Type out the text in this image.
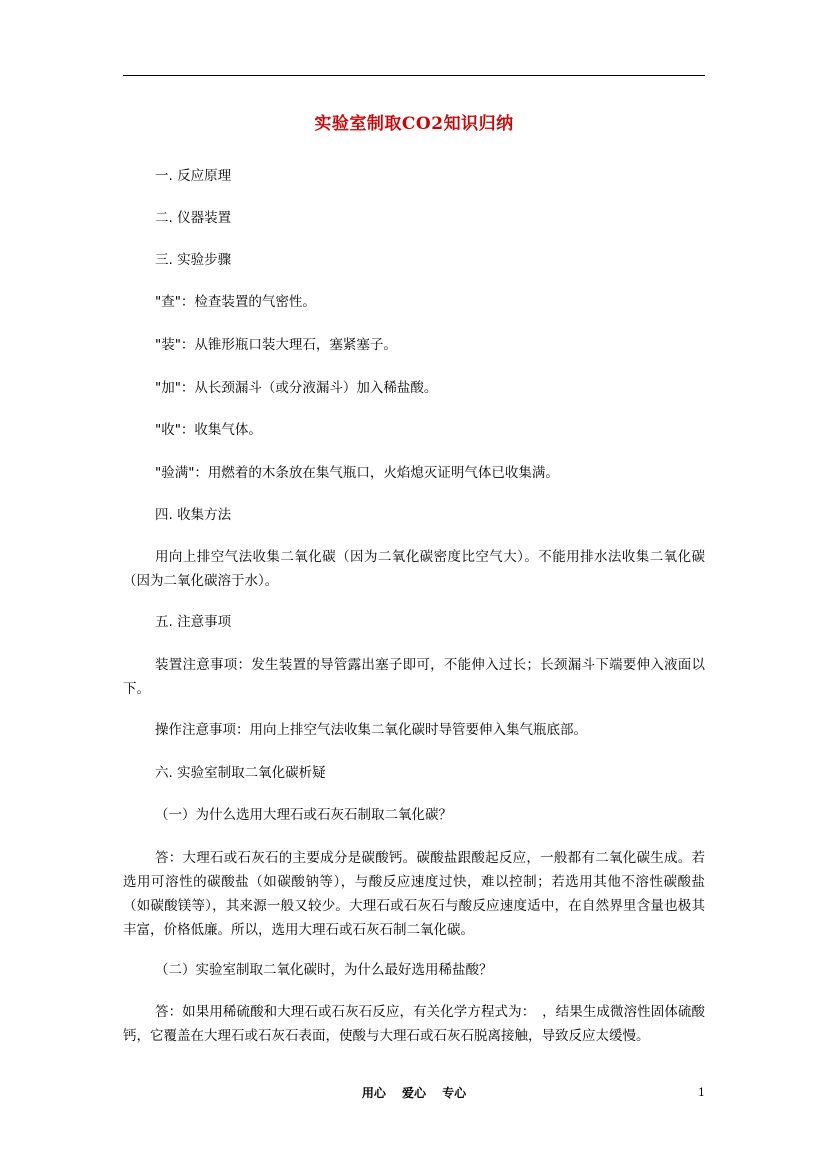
实验室制取CO2知识归纳

一. 反应原理

二. 仪器装置

三. 实验步骤

"查"：检查装置的气密性。

"装"：从锥形瓶口装大理石，塞紧塞子。

"加"：从长颈漏斗（或分液漏斗）加入稀盐酸。

"收"：收集气体。

"验满"：用燃着的木条放在集气瓶口，火焰熄灭证明气体已收集满。

四. 收集方法

用向上排空气法收集二氧化碳（因为二氧化碳密度比空气大）。不能用排水法收集二氧化碳（因为二氧化碳溶于水）。

五. 注意事项

装置注意事项：发生装置的导管露出塞子即可，不能伸入过长；长颈漏斗下端要伸入液面以下。

操作注意事项：用向上排空气法收集二氧化碳时导管要伸入集气瓶底部。

六. 实验室制取二氧化碳析疑

（一）为什么选用大理石或石灰石制取二氧化碳？

答：大理石或石灰石的主要成分是碳酸钙。碳酸盐跟酸起反应，一般都有二氧化碳生成。若选用可溶性的碳酸盐（如碳酸钠等），与酸反应速度过快，难以控制；若选用其他不溶性碳酸盐（如碳酸镁等），其来源一般又较少。大理石或石灰石与酸反应速度适中，在自然界里含量也极其丰富，价格低廉。所以，选用大理石或石灰石制二氧化碳。

（二）实验室制取二氧化碳时，为什么最好选用稀盐酸？

答：如果用稀硫酸和大理石或石灰石反应，有关化学方程式为：　，结果生成微溶性固体硫酸钙，它覆盖在大理石或石灰石表面，使酸与大理石或石灰石脱离接触，导致反应太缓慢。

用心 爱心 专心	1
